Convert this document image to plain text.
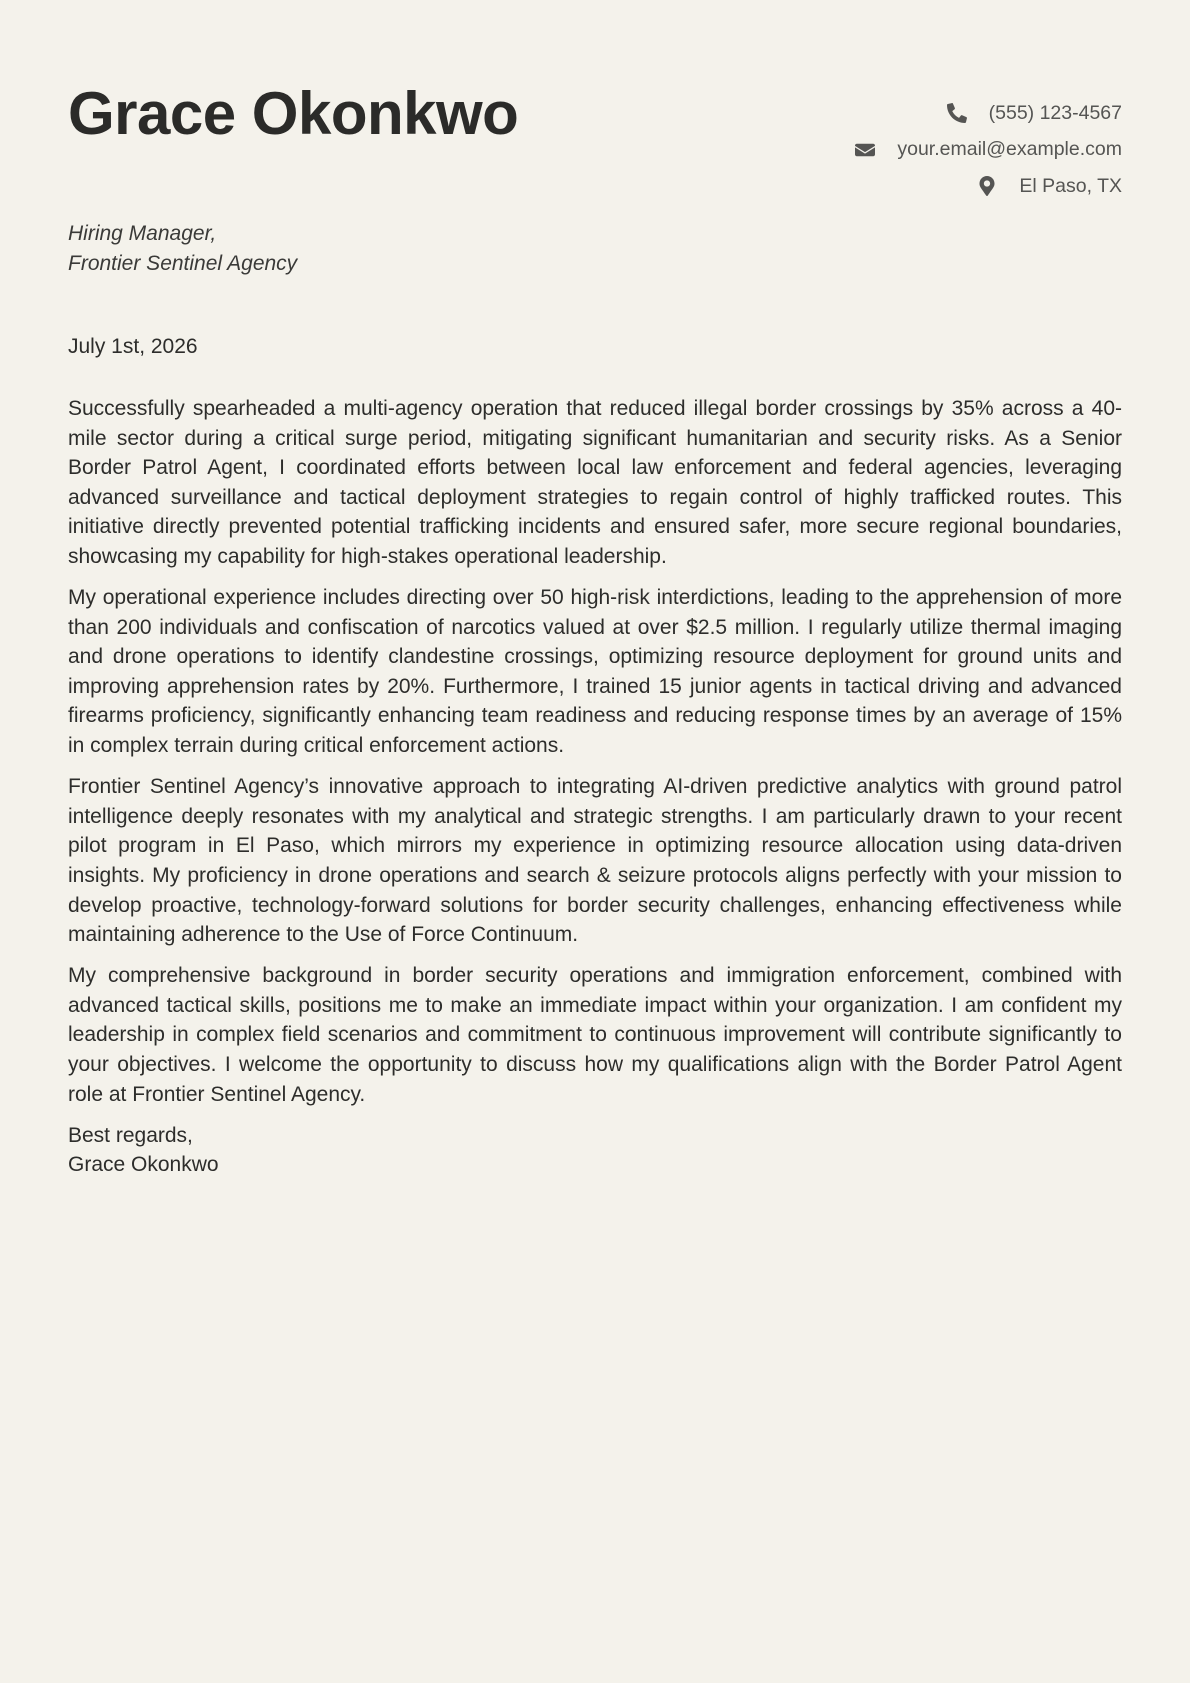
Grace Okonkwo	(555) 123-4567
your.email@example.com
El Paso, TX
Hiring Manager,
Frontier Sentinel Agency
July 1st, 2026

Successfully spearheaded a multi-agency operation that reduced illegal border crossings by 35% across a 40-mile sector during a critical surge period, mitigating significant humanitarian and security risks. As a Senior Border Patrol Agent, I coordinated efforts between local law enforcement and federal agencies, leveraging advanced surveillance and tactical deployment strategies to regain control of highly trafficked routes. This initiative directly prevented potential trafficking incidents and ensured safer, more secure regional boundaries, showcasing my capability for high-stakes operational leadership.

My operational experience includes directing over 50 high-risk interdictions, leading to the apprehension of more than 200 individuals and confiscation of narcotics valued at over $2.5 million. I regularly utilize thermal imaging and drone operations to identify clandestine crossings, optimizing resource deployment for ground units and improving apprehension rates by 20%. Furthermore, I trained 15 junior agents in tactical driving and advanced firearms proficiency, significantly enhancing team readiness and reducing response times by an average of 15% in complex terrain during critical enforcement actions.

Frontier Sentinel Agency’s innovative approach to integrating AI-driven predictive analytics with ground patrol intelligence deeply resonates with my analytical and strategic strengths. I am particularly drawn to your recent pilot program in El Paso, which mirrors my experience in optimizing resource allocation using data-driven insights. My proficiency in drone operations and search & seizure protocols aligns perfectly with your mission to develop proactive, technology-forward solutions for border security challenges, enhancing effectiveness while maintaining adherence to the Use of Force Continuum.

My comprehensive background in border security operations and immigration enforcement, combined with advanced tactical skills, positions me to make an immediate impact within your organization. I am confident my leadership in complex field scenarios and commitment to continuous improvement will contribute significantly to your objectives. I welcome the opportunity to discuss how my qualifications align with the Border Patrol Agent role at Frontier Sentinel Agency.

Best regards,
Grace Okonkwo
